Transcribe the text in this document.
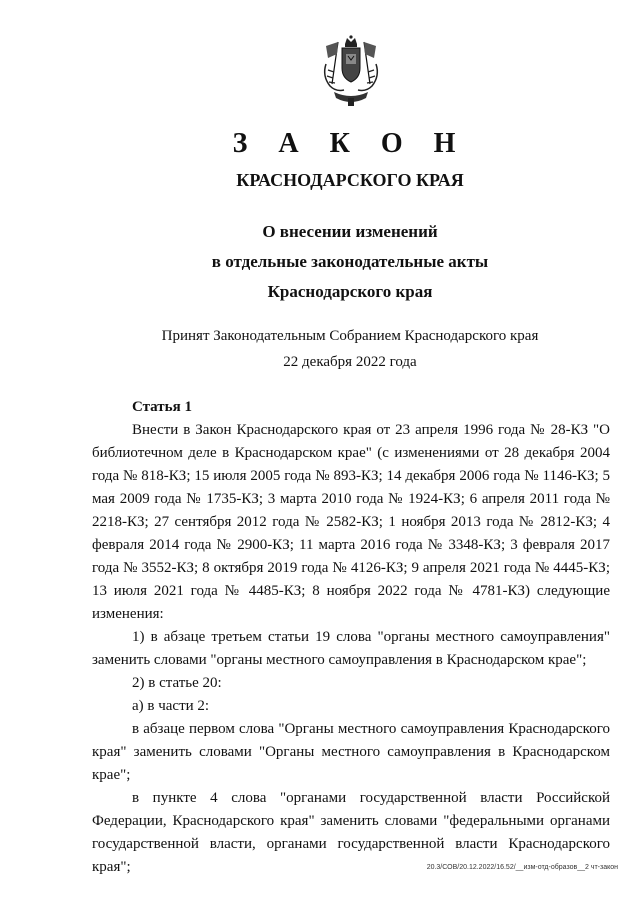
З А К О Н
КРАСНОДАРСКОГО КРАЯ
О внесении изменений
в отдельные законодательные акты
Краснодарского края
Принят Законодательным Собранием Краснодарского края
22 декабря 2022 года

Статья 1

Внести в Закон Краснодарского края от 23 апреля 1996 года № 28-КЗ "О библиотечном деле в Краснодарском крае" (с изменениями от 28 декабря 2004 года № 818-КЗ; 15 июля 2005 года № 893-КЗ; 14 декабря 2006 года № 1146-КЗ; 5 мая 2009 года № 1735-КЗ; 3 марта 2010 года № 1924-КЗ; 6 апреля 2011 года № 2218-КЗ; 27 сентября 2012 года № 2582-КЗ; 1 ноября 2013 года № 2812-КЗ; 4 февраля 2014 года № 2900-КЗ; 11 марта 2016 года № 3348-КЗ; 3 февраля 2017 года № 3552-КЗ; 8 октября 2019 года № 4126-КЗ; 9 апреля 2021 года № 4445-КЗ; 13 июля 2021 года № 4485-КЗ; 8 ноября 2022 года № 4781-КЗ) следующие изменения:

1) в абзаце третьем статьи 19 слова "органы местного самоуправления" заменить словами "органы местного самоуправления в Краснодарском крае";

2) в статье 20:

а) в части 2:

в абзаце первом слова "Органы местного самоуправления Краснодарского края" заменить словами "Органы местного самоуправления в Краснодарском крае";

в пункте 4 слова "органами государственной власти Российской Федерации, Краснодарского края" заменить словами "федеральными органами государственной власти, органами государственной власти Краснодарского края";	20.3/СОВ/20.12.2022/16.52/__изм-отд-образов__2 чт-закон
